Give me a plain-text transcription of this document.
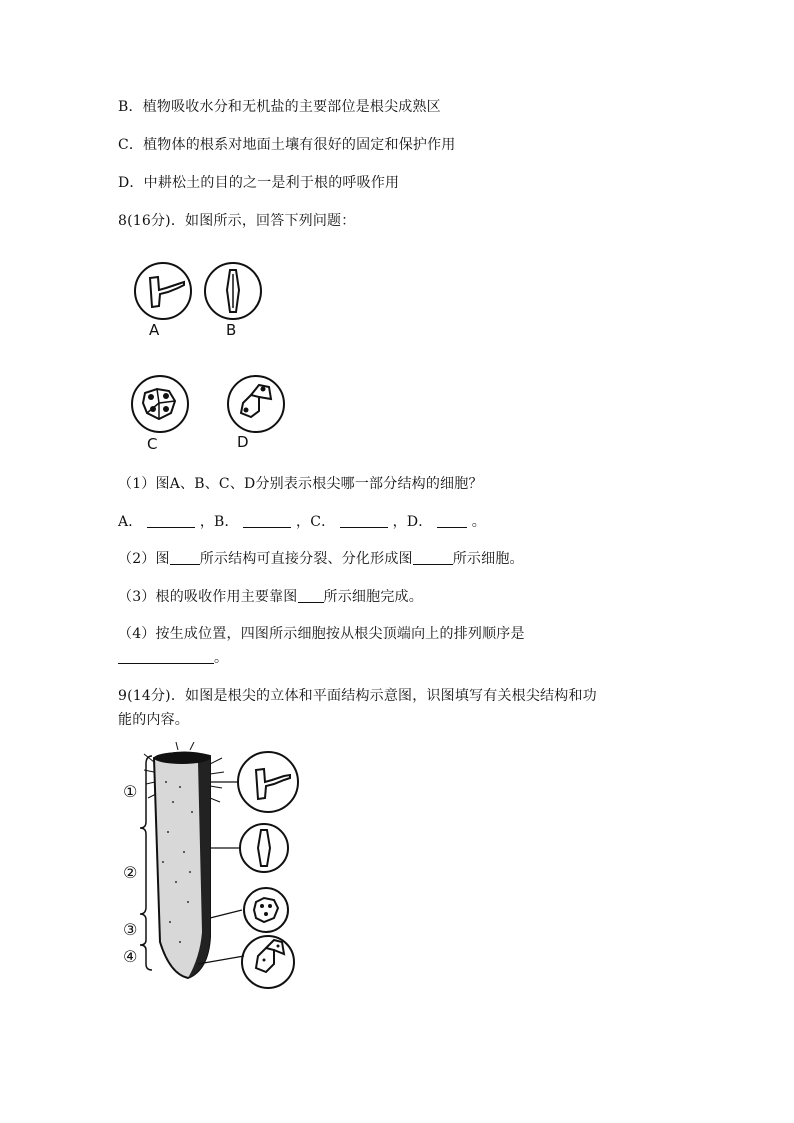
B．植物吸收水分和无机盐的主要部位是根尖成熟区
C．植物体的根系对地面土壤有很好的固定和保护作用
D．中耕松土的目的之一是利于根的呼吸作用
8(16分)．如图所示，回答下列问题：
A	B
C	D
（1）图A、B、C、D分别表示根尖哪一部分结构的细胞？
A．	，B．	，C．	，D．	。
（2）图 所示结构可直接分裂、分化形成图	所示细胞。
（3）根的吸收作用主要靠图 所示细胞完成。
（4）按生成位置，四图所示细胞按从根尖顶端向上的排列顺序是
。
9(14分)．如图是根尖的立体和平面结构示意图，识图填写有关根尖结构和功
能的内容。
①
②
③
④
